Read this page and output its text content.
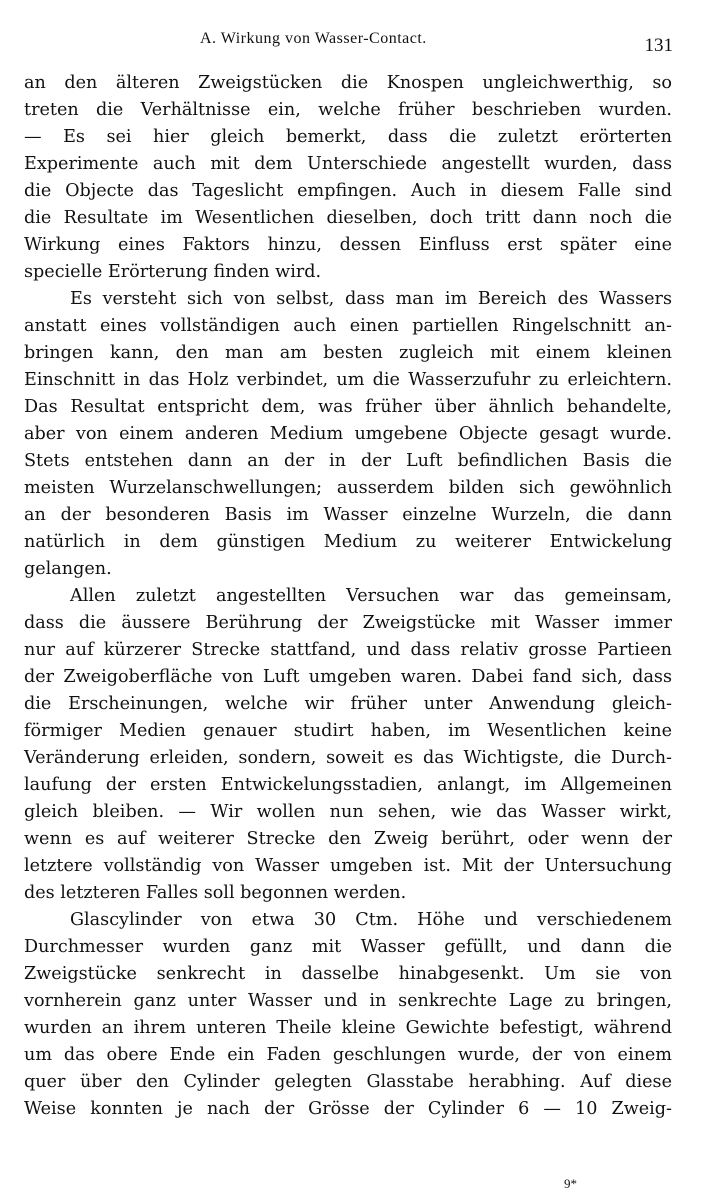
A. Wirkung von Wasser-Contact.	131
an den älteren Zweigstücken die Knospen ungleichwerthig, so
treten die Verhältnisse ein, welche früher beschrieben wurden.
— Es sei hier gleich bemerkt, dass die zuletzt erörterten
Experimente auch mit dem Unterschiede angestellt wurden, dass
die Objecte das Tageslicht empfingen. Auch in diesem Falle sind
die Resultate im Wesentlichen dieselben, doch tritt dann noch die
Wirkung eines Faktors hinzu, dessen Einfluss erst später eine
specielle Erörterung finden wird.
Es versteht sich von selbst, dass man im Bereich des Wassers
anstatt eines vollständigen auch einen partiellen Ringelschnitt an-
bringen kann, den man am besten zugleich mit einem kleinen
Einschnitt in das Holz verbindet, um die Wasserzufuhr zu erleichtern.
Das Resultat entspricht dem, was früher über ähnlich behandelte,
aber von einem anderen Medium umgebene Objecte gesagt wurde.
Stets entstehen dann an der in der Luft befindlichen Basis die
meisten Wurzelanschwellungen; ausserdem bilden sich gewöhnlich
an der besonderen Basis im Wasser einzelne Wurzeln, die dann
natürlich in dem günstigen Medium zu weiterer Entwickelung
gelangen.
Allen zuletzt angestellten Versuchen war das gemeinsam,
dass die äussere Berührung der Zweigstücke mit Wasser immer
nur auf kürzerer Strecke stattfand, und dass relativ grosse Partieen
der Zweigoberfläche von Luft umgeben waren. Dabei fand sich, dass
die Erscheinungen, welche wir früher unter Anwendung gleich-
förmiger Medien genauer studirt haben, im Wesentlichen keine
Veränderung erleiden, sondern, soweit es das Wichtigste, die Durch-
laufung der ersten Entwickelungsstadien, anlangt, im Allgemeinen
gleich bleiben. — Wir wollen nun sehen, wie das Wasser wirkt,
wenn es auf weiterer Strecke den Zweig berührt, oder wenn der
letztere vollständig von Wasser umgeben ist. Mit der Untersuchung
des letzteren Falles soll begonnen werden.
Glascylinder von etwa 30 Ctm. Höhe und verschiedenem
Durchmesser wurden ganz mit Wasser gefüllt, und dann die
Zweigstücke senkrecht in dasselbe hinabgesenkt. Um sie von
vornherein ganz unter Wasser und in senkrechte Lage zu bringen,
wurden an ihrem unteren Theile kleine Gewichte befestigt, während
um das obere Ende ein Faden geschlungen wurde, der von einem
quer über den Cylinder gelegten Glasstabe herabhing. Auf diese
Weise konnten je nach der Grösse der Cylinder 6 — 10 Zweig-
9*
